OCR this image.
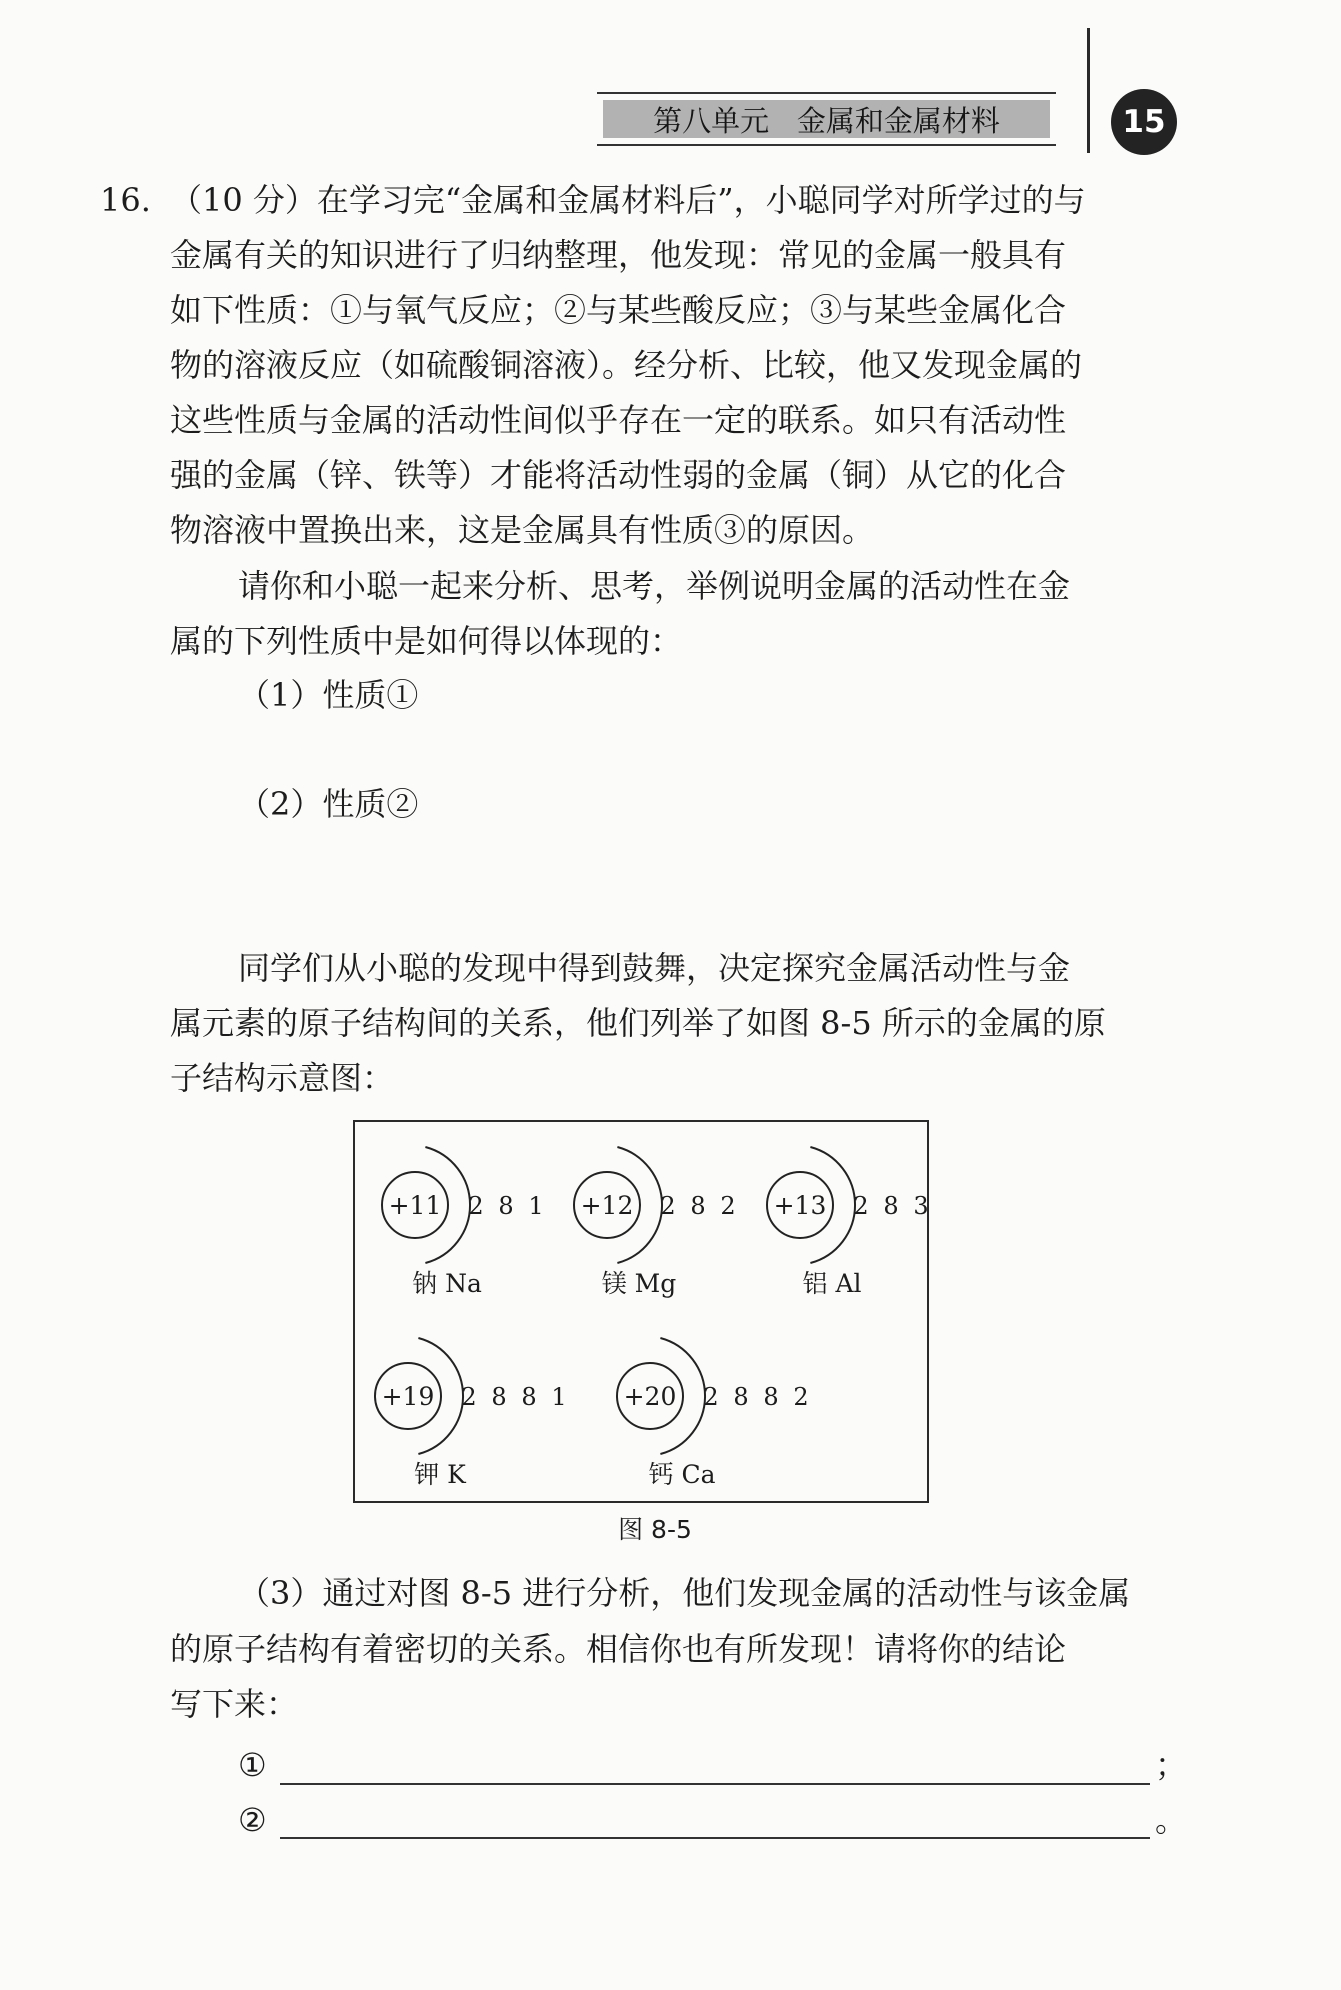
第八单元   金属和金属材料	15
16. （10 分）在学习完“金属和金属材料后”，小聪同学对所学过的与
金属有关的知识进行了归纳整理，他发现：常见的金属一般具有
如下性质：①与氧气反应；②与某些酸反应；③与某些金属化合
物的溶液反应（如硫酸铜溶液）。经分析、比较，他又发现金属的
这些性质与金属的活动性间似乎存在一定的联系。如只有活动性
强的金属（锌、铁等）才能将活动性弱的金属（铜）从它的化合
物溶液中置换出来，这是金属具有性质③的原因。
请你和小聪一起来分析、思考，举例说明金属的活动性在金
属的下列性质中是如何得以体现的：
（1）性质①
（2）性质②
同学们从小聪的发现中得到鼓舞，决定探究金属活动性与金
属元素的原子结构间的关系，他们列举了如图 8-5 所示的金属的原
子结构示意图：
+11 2 8 1
钠 Na
+12 2 8 2
镁 Mg
+13 2 8 3
铝 Al
+19 2 8 8 1
钾 K
+20 2 8 8 2
钙 Ca
图 8-5
（3）通过对图 8-5 进行分析，他们发现金属的活动性与该金属
的原子结构有着密切的关系。相信你也有所发现！请将你的结论
写下来：
①	；
②	。
